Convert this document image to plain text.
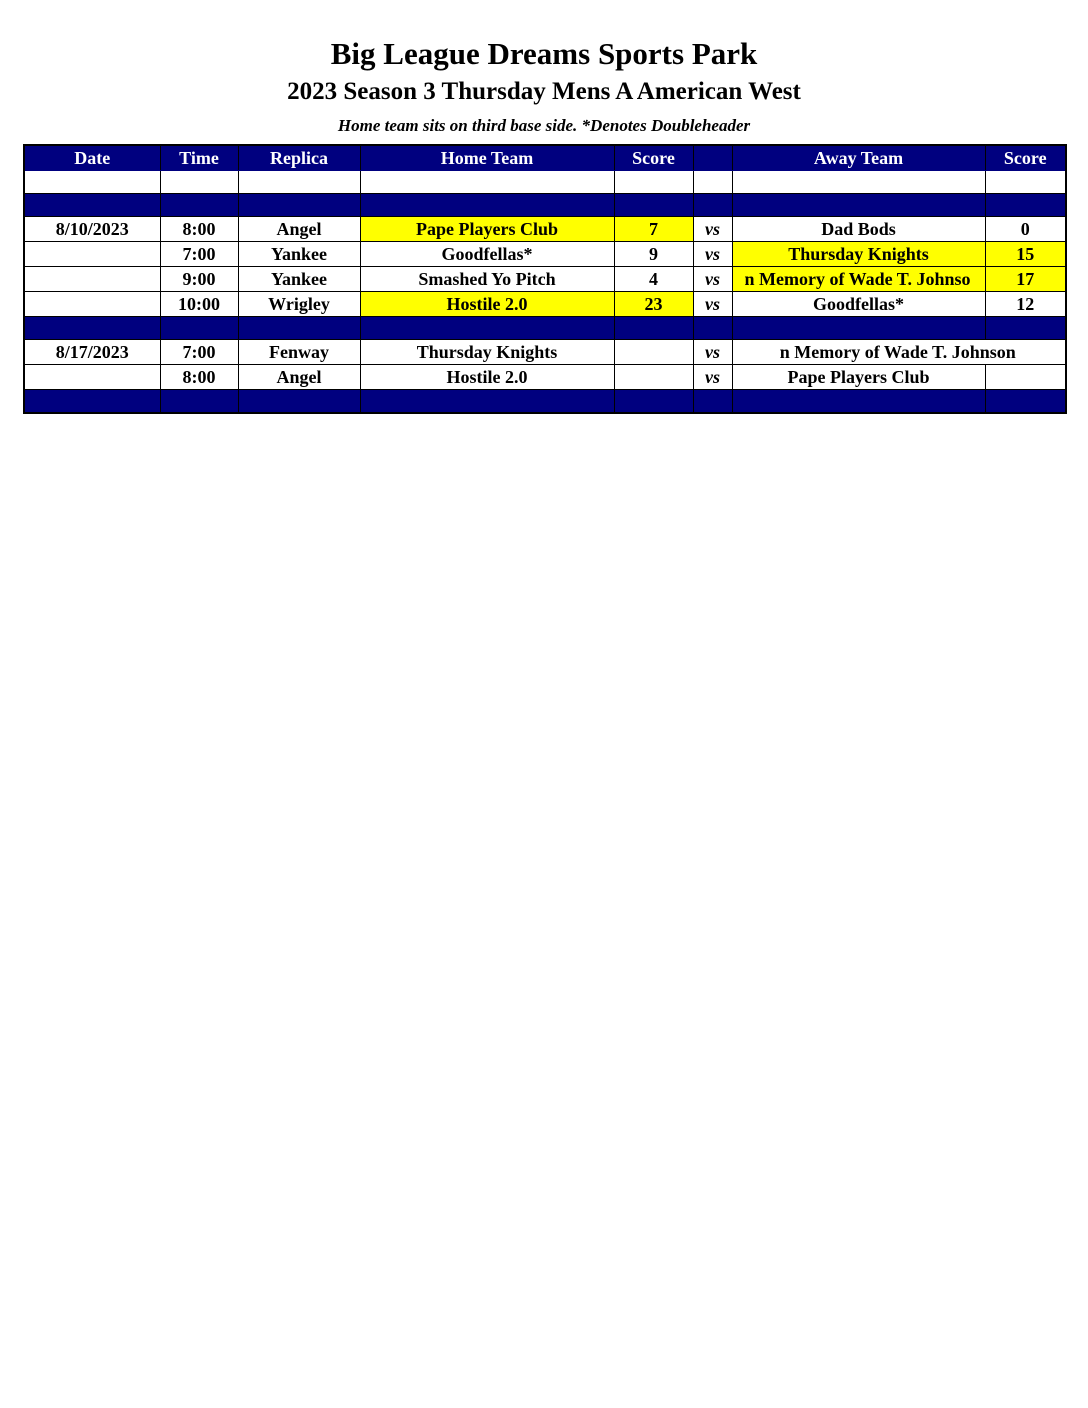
Big League Dreams Sports Park
2023 Season 3 Thursday Mens A American West
Home team sits on third base side. *Denotes Doubleheader
Date	Time	Replica	Home Team	Score		Away Team	Score

8/10/2023	8:00	Angel	Pape Players Club	7	vs	Dad Bods	0
	7:00	Yankee	Goodfellas*	9	vs	Thursday Knights	15
	9:00	Yankee	Smashed Yo Pitch	4	vs	n Memory of Wade T. Johnso	17
	10:00	Wrigley	Hostile 2.0	23	vs	Goodfellas*	12

8/17/2023	7:00	Fenway	Thursday Knights		vs	n Memory of Wade T. Johnson	
	8:00	Angel	Hostile 2.0		vs	Pape Players Club	
